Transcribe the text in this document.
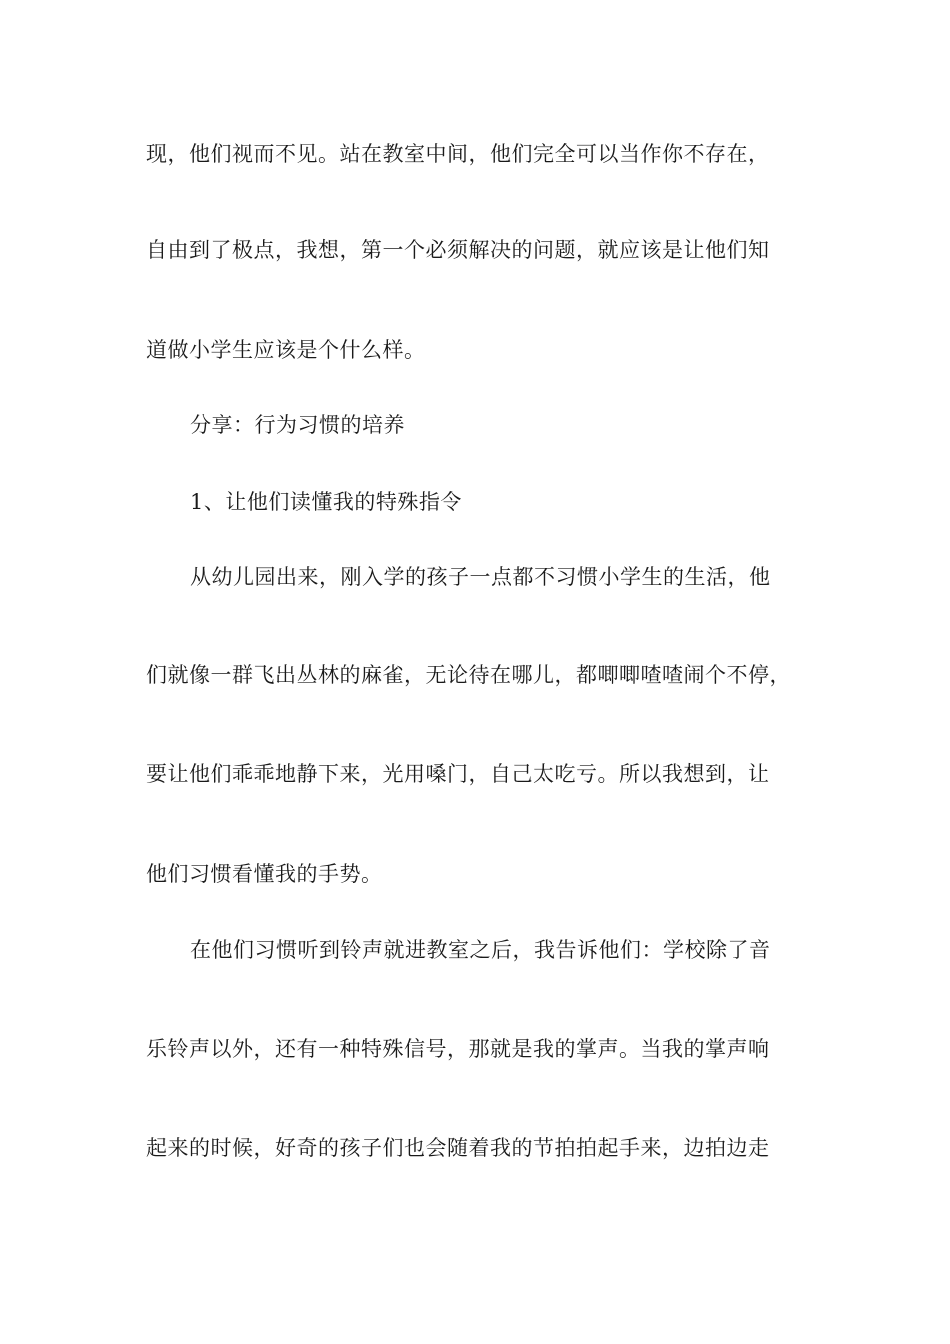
现，他们视而不见。站在教室中间，他们完全可以当作你不存在，
自由到了极点，我想，第一个必须解决的问题，就应该是让他们知
道做小学生应该是个什么样。
分享：行为习惯的培养
1、让他们读懂我的特殊指令
从幼儿园出来，刚入学的孩子一点都不习惯小学生的生活，他
们就像一群飞出丛林的麻雀，无论待在哪儿，都唧唧喳喳闹个不停，
要让他们乖乖地静下来，光用嗓门，自己太吃亏。所以我想到，让
他们习惯看懂我的手势。
在他们习惯听到铃声就进教室之后，我告诉他们：学校除了音
乐铃声以外，还有一种特殊信号，那就是我的掌声。当我的掌声响
起来的时候，好奇的孩子们也会随着我的节拍拍起手来，边拍边走
